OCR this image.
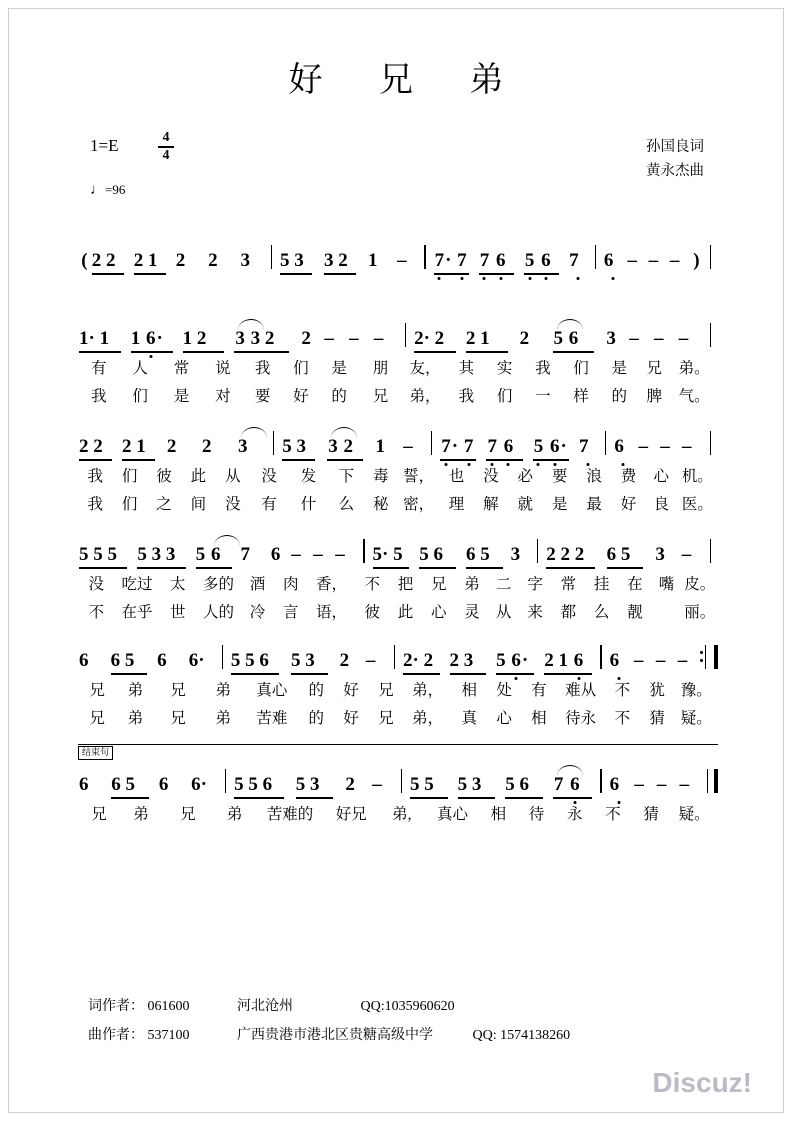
好 兄 弟
1=E	4
4	孙国良词
黄永杰曲
♩=96
( 2 2 2 1 2	2	3	5 3	3 2	1	–	7· 7 7 6	5 6 7	6 – – – )
1· 1	1 6·	1 2	3 3 2	2 – – –	2· 2	2 1	2	5 6	3 – – –
有	人	常	说	我	们	是	朋	友，	其	实	我	们	是	兄	弟。
我	们	是	对	要	好	的	兄	弟，	我	们	一	样	的	脾	气。
2 2	2 1	2	2	3	5 3	3 2	1 –	7· 7 7 6	5 6· 7	6 – – –
我	们	彼	此	从	没	发	下	毒 誓， 也	没	必	要	浪	费	心 机。
我	们	之	间	没	有	什	么	秘 密， 理	解	就	是	最	好	良 医。
5 5 5	5 3 3	5 6	7	6 – – –	5· 5 5 6	6 5	3	2 2 2	6 5	3 –
没	吃过	太	多的	酒	肉	香，	不	把	兄	弟	二	字	常	挂	在	嘴 皮。
不	在乎	世	人的	冷	言	语，	彼	此	心	灵	从	来	都	么	靓	丽。
6	6 5	6	6·	5 5 6	5 3	2 –	2· 2 2 3	5 6· 2 1 6	6 – – –
兄	弟	兄	弟	真心	的	好	兄	弟，	相	处	有	难从	不	犹	豫。
兄	弟	兄	弟	苦难	的	好	兄	弟，	真	心	相	待永	不	猜	疑。
结束句
6	6 5	6	6·	5 5 6	5 3	2 –	5 5	5 3	5 6	7 6	6 – – –
兄	弟	兄	弟	苦难的	好兄	弟,	真心	相	待	永	不	猜	疑。
词作者： 061600	河北沧州	QQ:1035960620
曲作者： 537100	广西贵港市港北区贵糖高级中学	QQ: 1574138260
Discuz!
